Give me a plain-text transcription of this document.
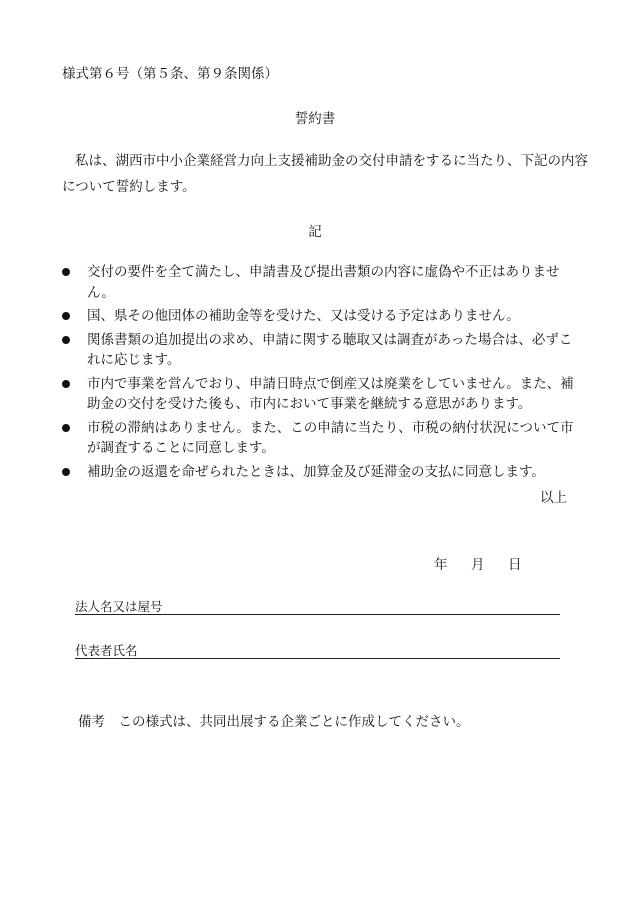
様式第６号（第５条、第９条関係）
誓約書
私は、湖西市中小企業経営力向上支援補助金の交付申請をするに当たり、下記の内容について誓約します。
記
交付の要件を全て満たし、申請書及び提出書類の内容に虚偽や不正はありません。
国、県その他団体の補助金等を受けた、又は受ける予定はありません。
関係書類の追加提出の求め、申請に関する聴取又は調査があった場合は、必ずこれに応じます。
市内で事業を営んでおり、申請日時点で倒産又は廃業をしていません。また、補助金の交付を受けた後も、市内において事業を継続する意思があります。
市税の滞納はありません。また、この申請に当たり、市税の納付状況について市が調査することに同意します。
補助金の返還を命ぜられたときは、加算金及び延滞金の支払に同意します。
以上
年 月 日
法人名又は屋号
代表者氏名
備考　この様式は、共同出展する企業ごとに作成してください。
